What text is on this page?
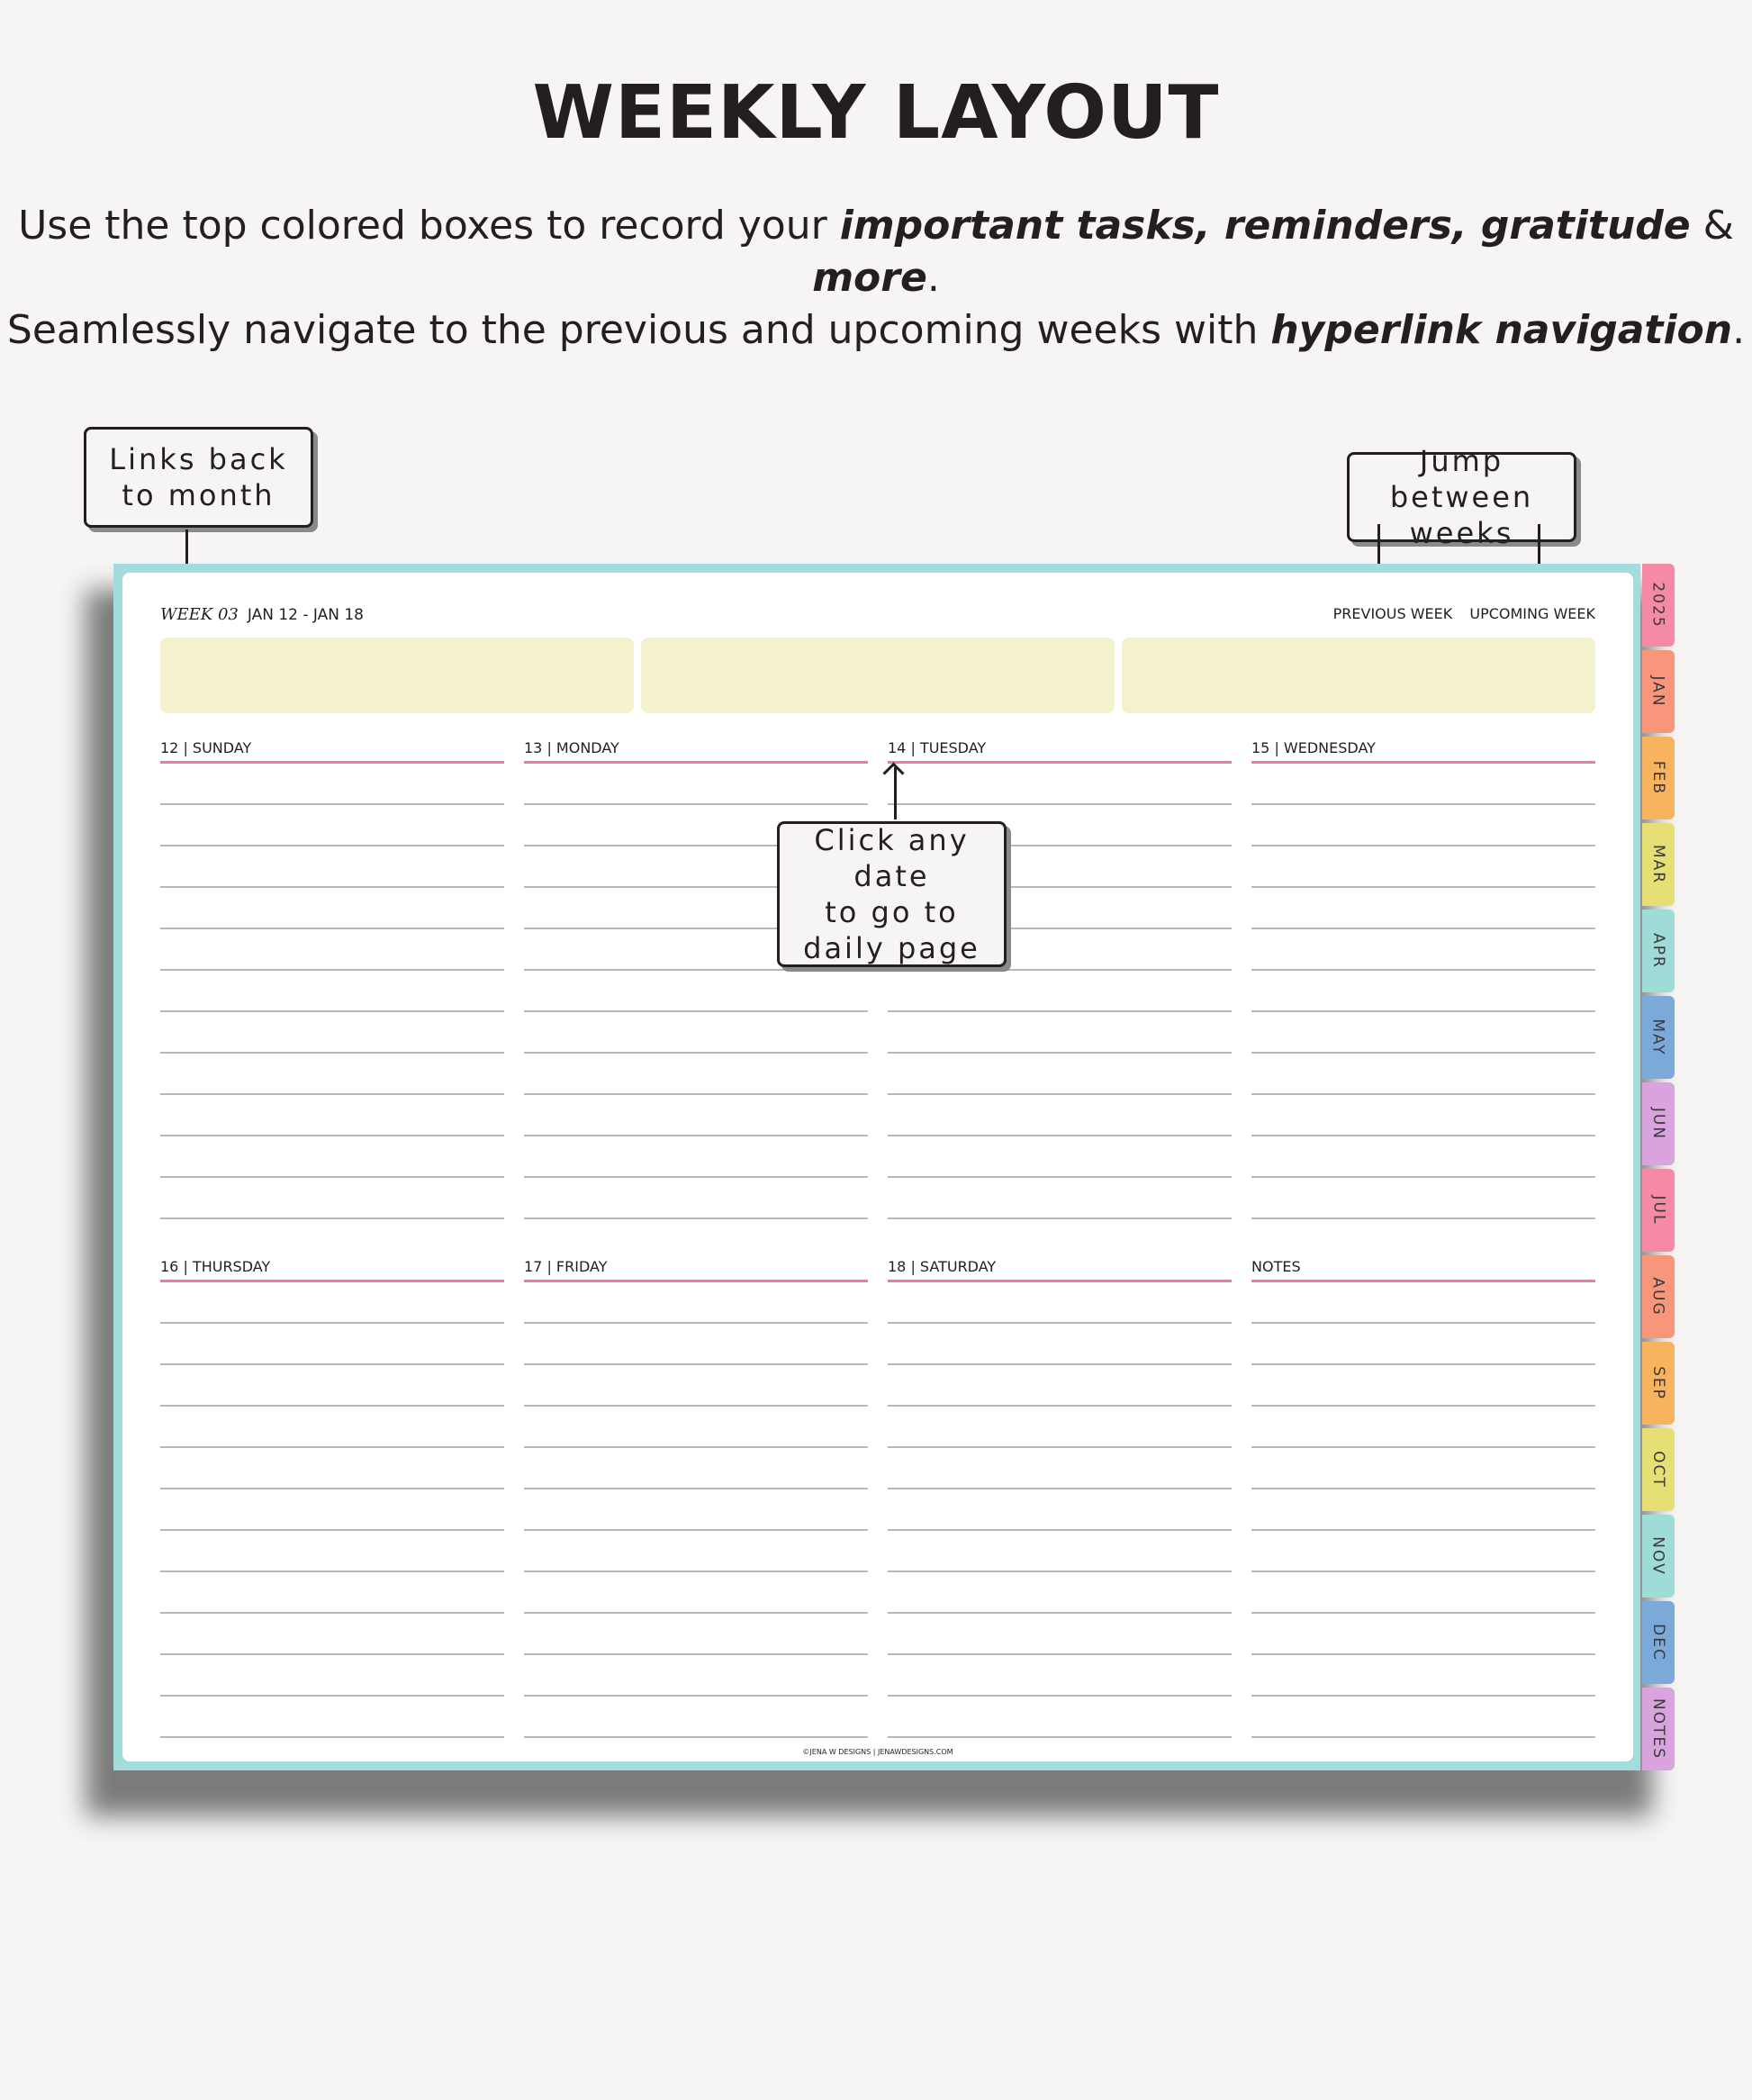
WEEKLY LAYOUT
Use the top colored boxes to record your important tasks, reminders, gratitude & more.
Seamlessly navigate to the previous and upcoming weeks with hyperlink navigation.
Links back
to month
Jump between
weeks
WEEK 03 JAN 12 - JAN 18	PREVIOUS WEEK UPCOMING WEEK
12 | SUNDAY	13 | MONDAY	14 | TUESDAY	15 | WEDNESDAY
16 | THURSDAY	17 | FRIDAY	18 | SATURDAY	NOTES
©JENA W DESIGNS | JENAWDESIGNS.COM
Click any date
to go to
daily page
2025
JAN
FEB
MAR
APR
MAY
JUN
JUL
AUG
SEP
OCT
NOV
DEC
NOTES
